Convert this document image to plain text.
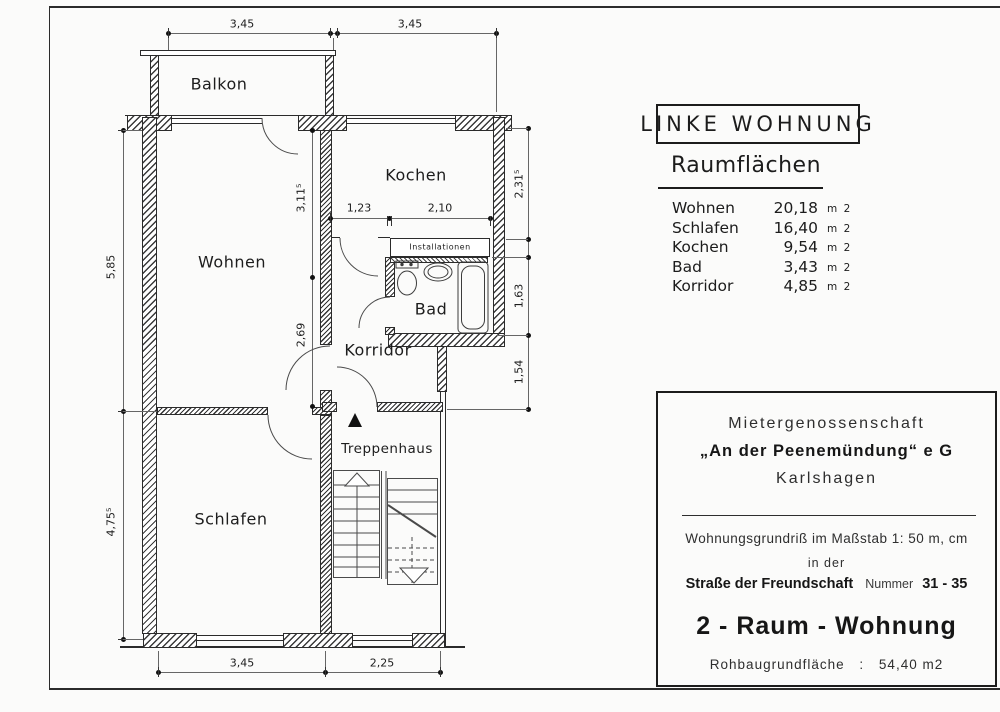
Balkon
Wohnen
Kochen
Bad
Korridor
Schlafen
Treppenhaus
Installationen
3,45	3,45
1,23	2,10
3,11⁵
2,69
5,85
4,75⁵
2,31⁵
1,63
1,54
3,45	2,25
LINKE WOHNUNG
Raumflächen
Wohnen	20,18 m 2
Schlafen	16,40 m 2
Kochen	9,54 m 2
Bad	3,43 m 2
Korridor	4,85 m 2
Mietergenossenschaft
„An der Peenemündung“ e G
Karlshagen
Wohnungsgrundriß im Maßstab 1: 50 m, cm
in der
Straße der Freundschaft Nummer 31 - 35
2 - Raum - Wohnung
Rohbaugrundfläche : 54,40 m2
